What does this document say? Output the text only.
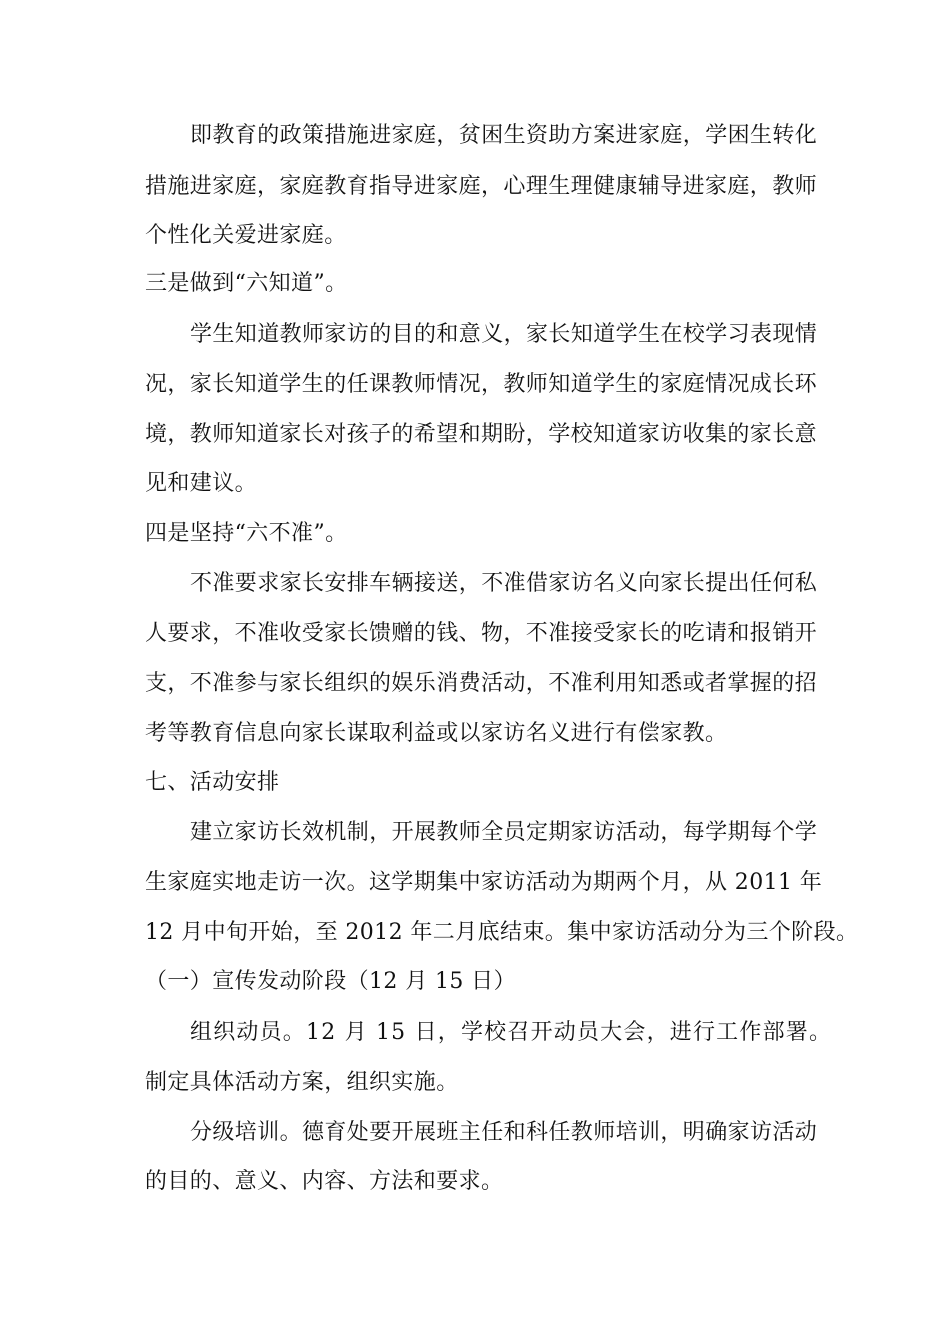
即教育的政策措施进家庭，贫困生资助方案进家庭，学困生转化
措施进家庭，家庭教育指导进家庭，心理生理健康辅导进家庭，教师
个性化关爱进家庭。
三是做到“六知道”。
学生知道教师家访的目的和意义，家长知道学生在校学习表现情
况，家长知道学生的任课教师情况，教师知道学生的家庭情况成长环
境，教师知道家长对孩子的希望和期盼，学校知道家访收集的家长意
见和建议。
四是坚持“六不准”。
不准要求家长安排车辆接送，不准借家访名义向家长提出任何私
人要求，不准收受家长馈赠的钱、物，不准接受家长的吃请和报销开
支，不准参与家长组织的娱乐消费活动，不准利用知悉或者掌握的招
考等教育信息向家长谋取利益或以家访名义进行有偿家教。
七、活动安排
建立家访长效机制，开展教师全员定期家访活动，每学期每个学
生家庭实地走访一次。这学期集中家访活动为期两个月，从 2011 年
12 月中旬开始，至 2012 年二月底结束。集中家访活动分为三个阶段。
（一）宣传发动阶段（12 月 15 日）
组织动员。12 月 15 日，学校召开动员大会，进行工作部署。
制定具体活动方案，组织实施。
分级培训。德育处要开展班主任和科任教师培训，明确家访活动
的目的、意义、内容、方法和要求。
